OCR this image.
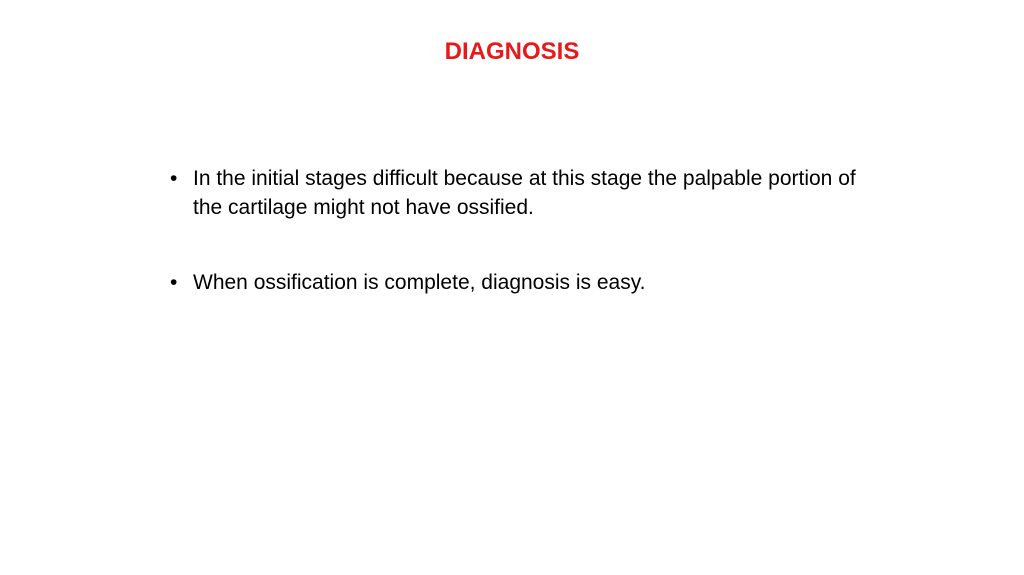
DIAGNOSIS
• In the initial stages difficult because at this stage the palpable portion of the cartilage might not have ossified.
• When ossification is complete, diagnosis is easy.
